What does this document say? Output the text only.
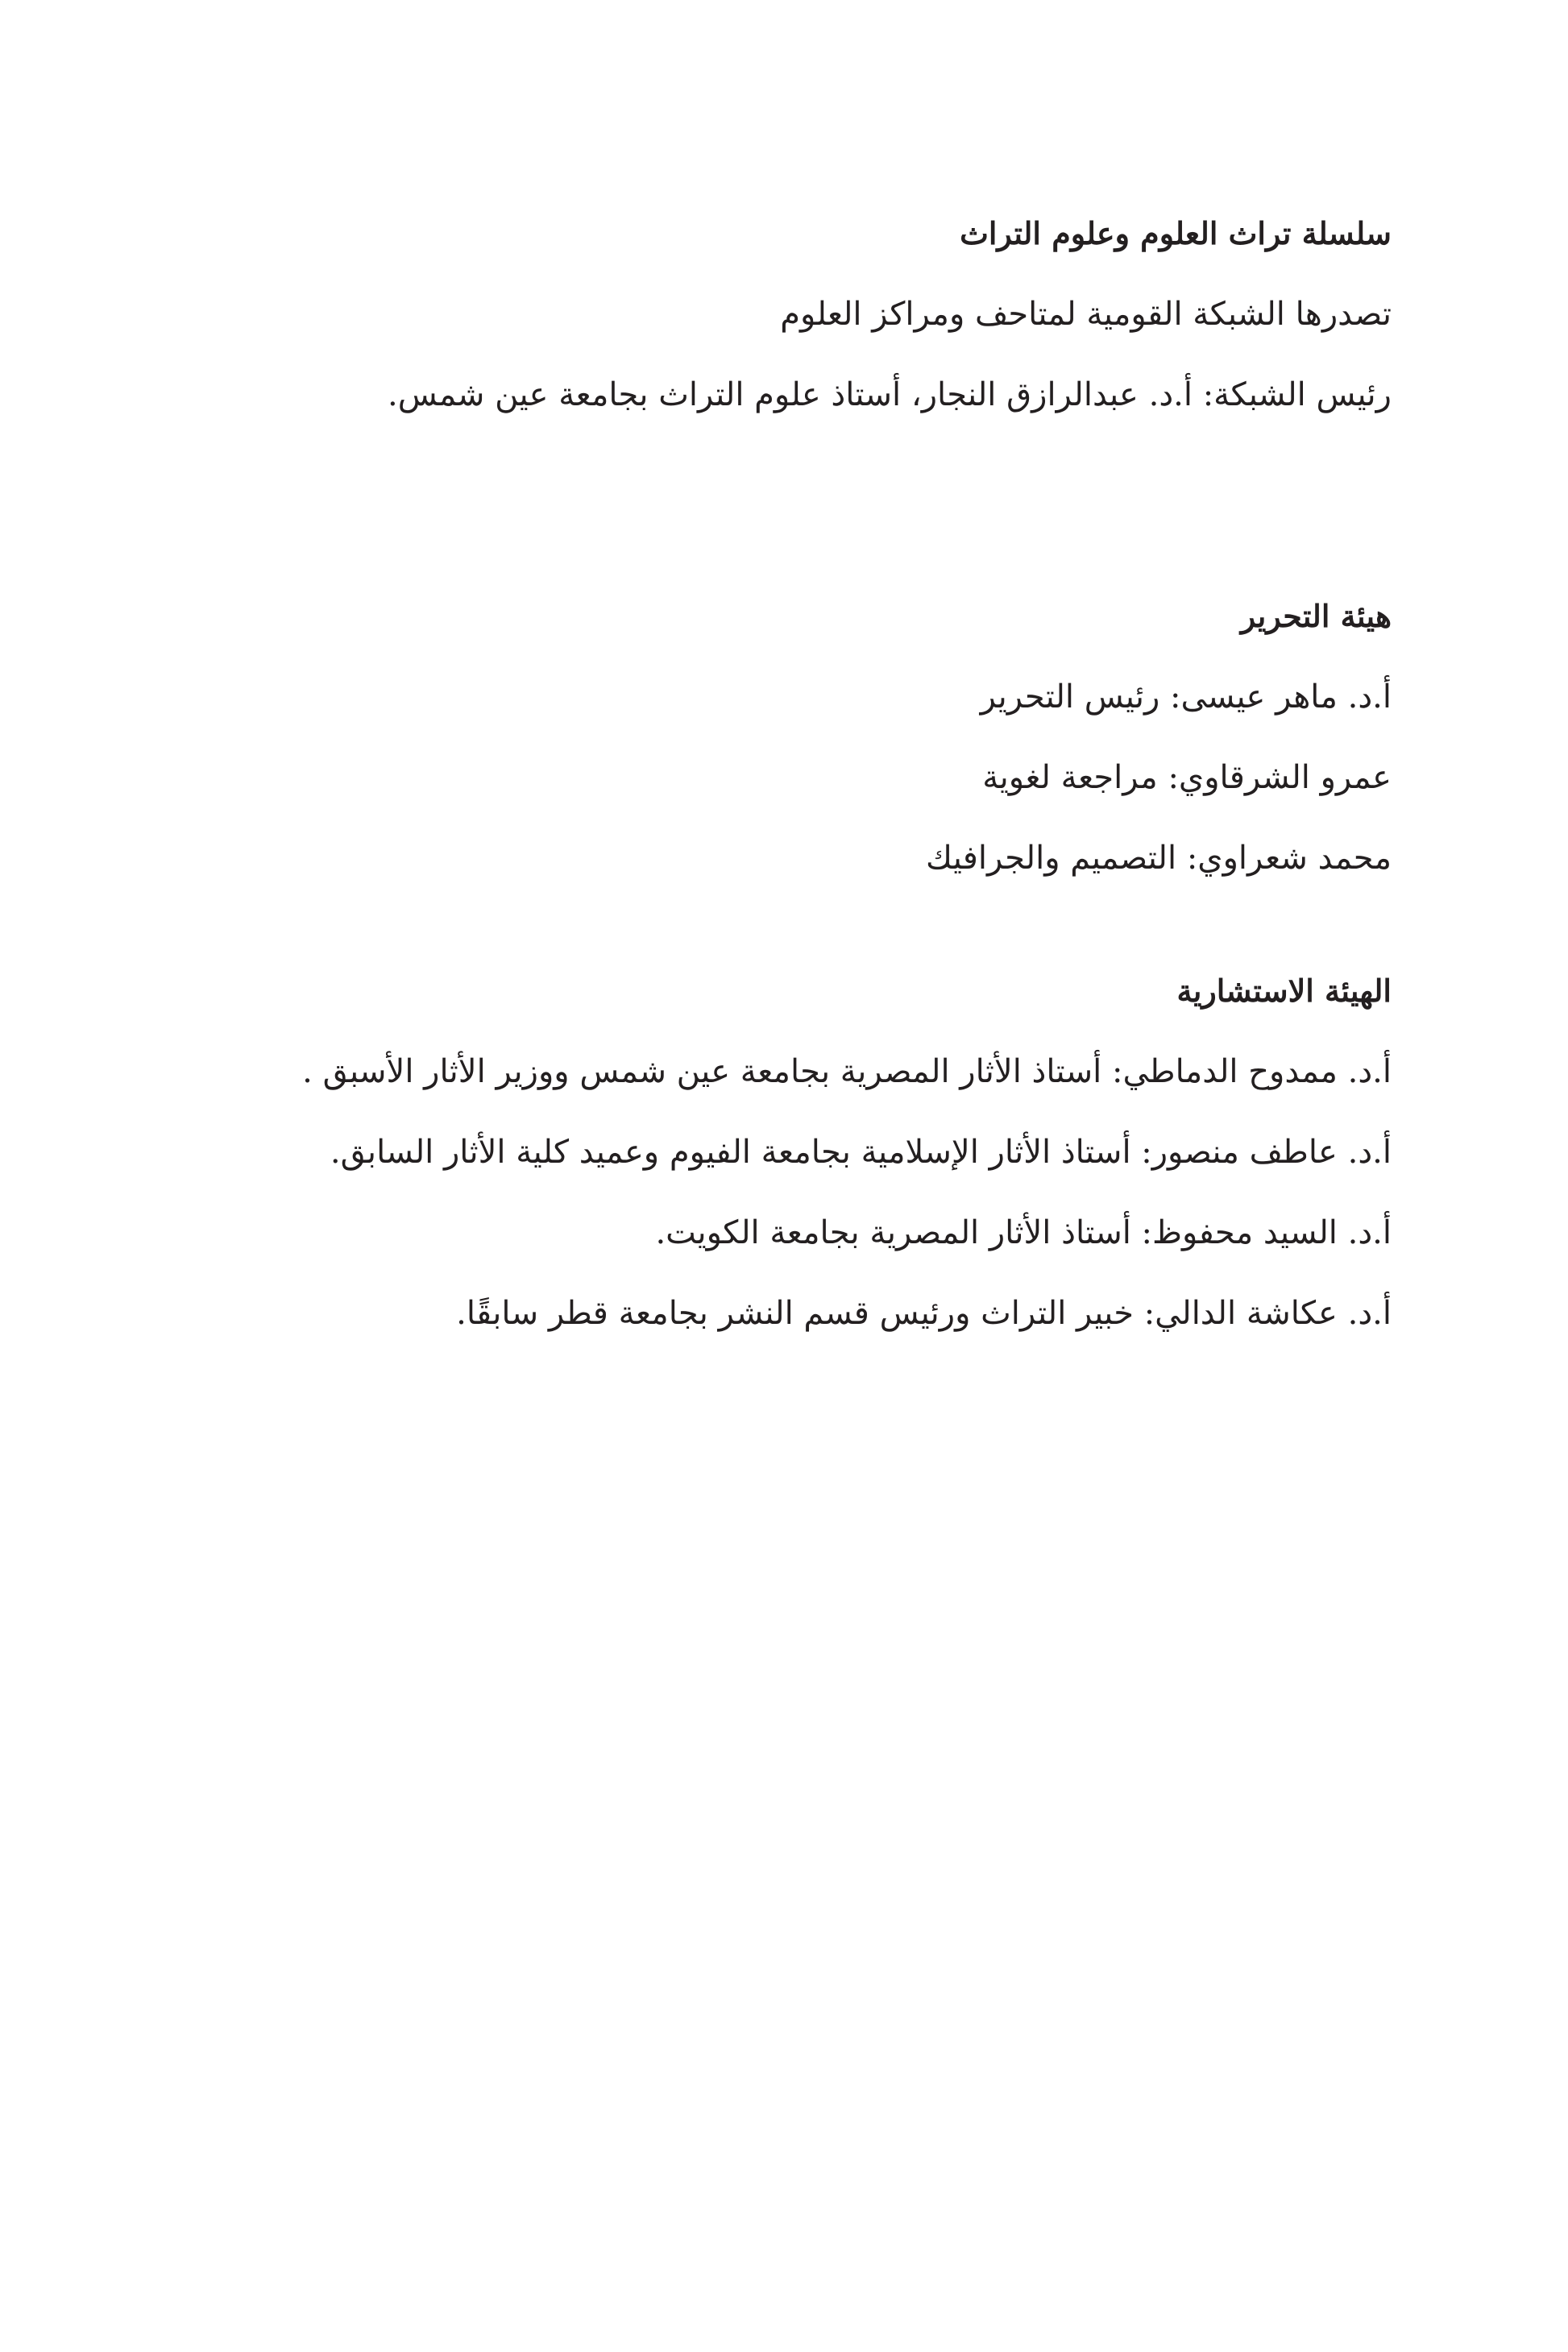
سلسلة تراث العلوم وعلوم التراث
تصدرها الشبكة القومية لمتاحف ومراكز العلوم
رئيس الشبكة: أ.د. عبدالرازق النجار، أستاذ علوم التراث بجامعة عين شمس.
هيئة التحرير
أ.د. ماهر عيسى: رئيس التحرير
عمرو الشرقاوي: مراجعة لغوية
محمد شعراوي: التصميم والجرافيك
الهيئة الاستشارية
أ.د. ممدوح الدماطي: أستاذ الأثار المصرية بجامعة عين شمس ووزير الأثار الأسبق .
أ.د. عاطف منصور: أستاذ الأثار الإسلامية بجامعة الفيوم وعميد كلية الأثار السابق.
أ.د. السيد محفوظ: أستاذ الأثار المصرية بجامعة الكويت.
أ.د. عكاشة الدالي: خبير التراث ورئيس قسم النشر بجامعة قطر سابقًا.
